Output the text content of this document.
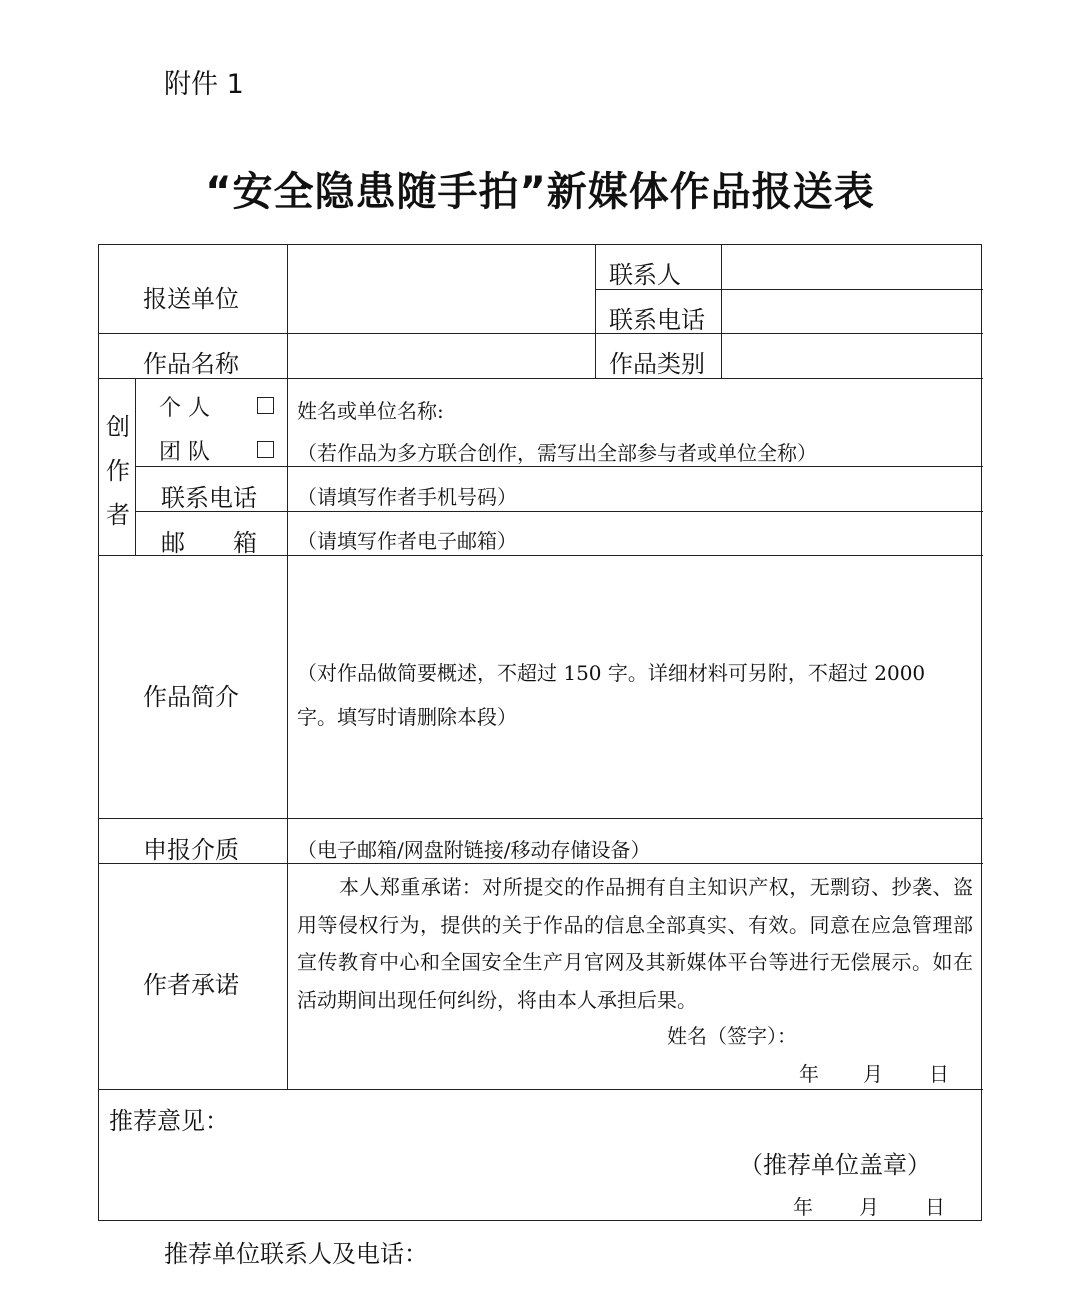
附件 1
“安全隐患随手拍”新媒体作品报送表
报送单位
联系人
联系电话
作品名称	作品类别
创
作
者
个 人
团 队
姓名或单位名称:
（若作品为多方联合创作，需写出全部参与者或单位全称）
联系电话 （请填写作者手机号码）
邮　　箱 （请填写作者电子邮箱）
作品简介
（对作品做简要概述，不超过 150 字。详细材料可另附，不超过 2000
字。填写时请删除本段）
申报介质	（电子邮箱/网盘附链接/移动存储设备）
作者承诺

本人郑重承诺：对所提交的作品拥有自主知识产权，无剽窃、抄袭、盗用等侵权行为，提供的关于作品的信息全部真实、有效。同意在应急管理部宣传教育中心和全国安全生产月官网及其新媒体平台等进行无偿展示。如在活动期间出现任何纠纷，将由本人承担后果。

姓名（签字）：
年 月 日
推荐意见：
（推荐单位盖章）
年 月 日
推荐单位联系人及电话：
